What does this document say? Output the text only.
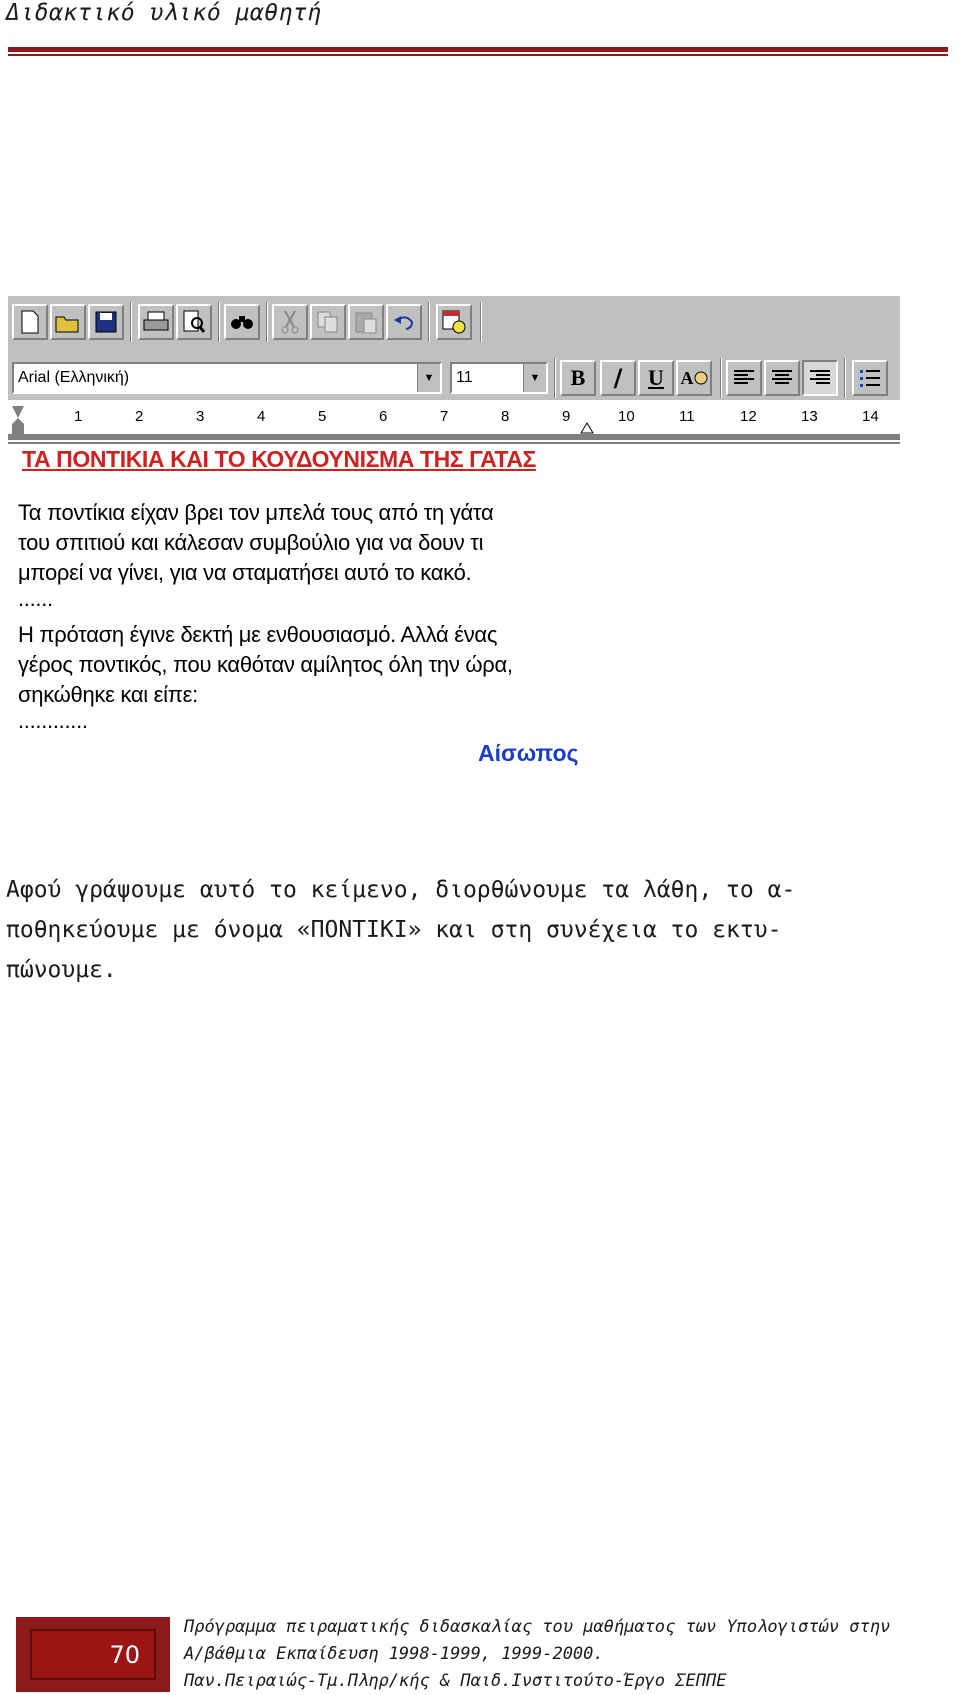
Διδακτικό υλικό μαθητή
Arial (Ελληνική)	▼	11	▼ B / U A
1	2	3	4	5	6	7	8	9	10	11	12	13	14
ΤΑ ΠΟΝΤΙΚΙΑ ΚΑΙ ΤΟ ΚΟΥΔΟΥΝΙΣΜΑ ΤΗΣ ΓΑΤΑΣ
Τα ποντίκια είχαν βρει τον μπελά τους από τη γάτα
του σπιτιού και κάλεσαν συμβούλιο για να δουν τι
μπορεί να γίνει, για να σταματήσει αυτό το κακό.
......
Η πρόταση έγινε δεκτή με ενθουσιασμό. Αλλά ένας
γέρος ποντικός, που καθόταν αμίλητος όλη την ώρα,
σηκώθηκε και είπε:
............
Αίσωπος
Αφού γράψουμε αυτό το κείμενο, διορθώνουμε τα λάθη, το α-
ποθηκεύουμε με όνομα «ΠΟΝΤΙΚΙ» και στη συνέχεια το εκτυ-
πώνουμε.
70
Πρόγραμμα πειραματικής διδασκαλίας του μαθήματος των Υπολογιστών στην
Α/βάθμια Εκπαίδευση 1998-1999, 1999-2000.
Παν.Πειραιώς-Τμ.Πληρ/κής & Παιδ.Ινστιτούτο-Έργο ΣΕΠΠΕ
